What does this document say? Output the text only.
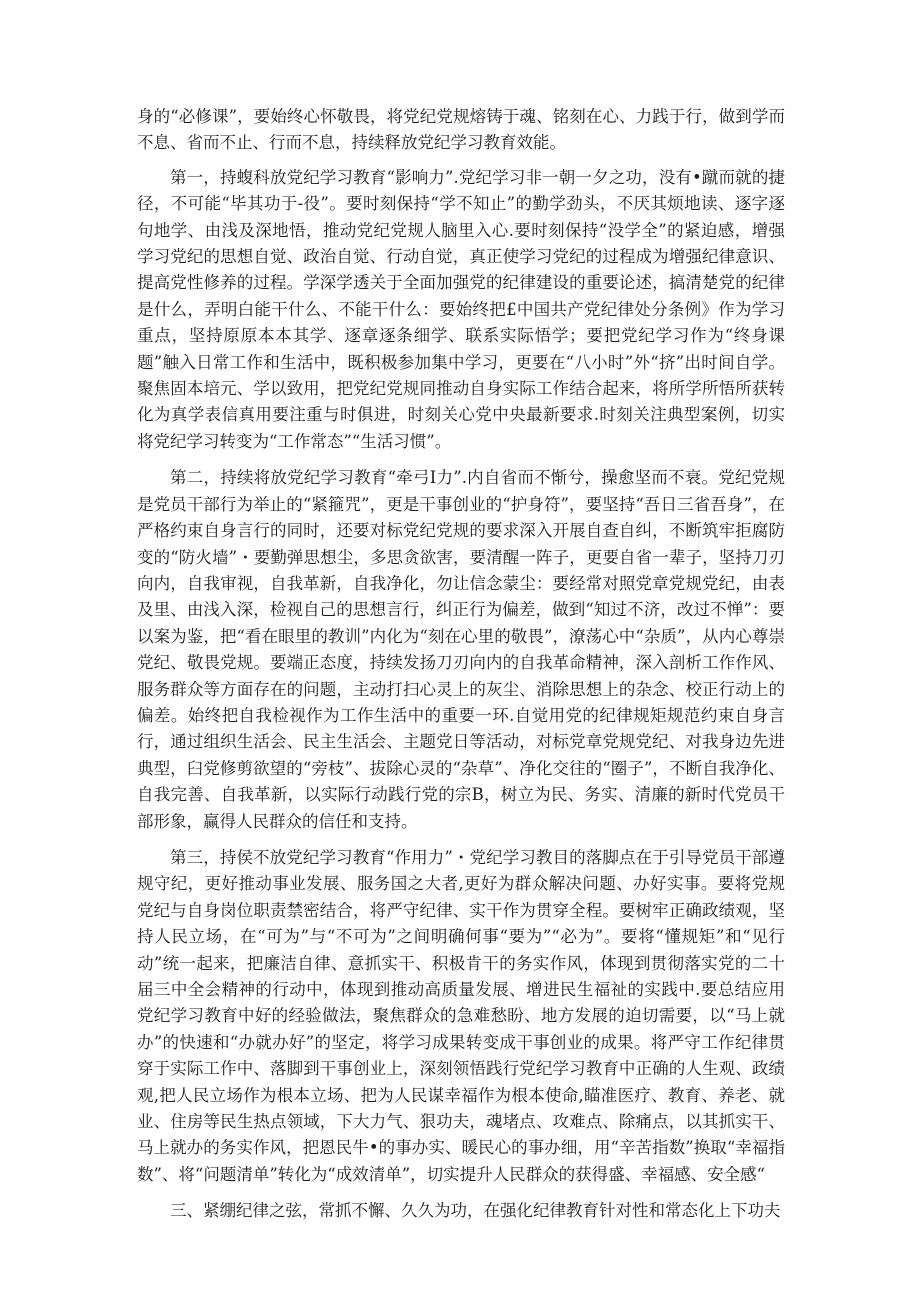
身的“必修课”，要始终心怀敬畏，将党纪党规熔铸于魂、铭刻在心、力践于行，做到学而不息、省而不止、行而不息，持续释放党纪学习教育效能。

第一，持蝮科放党纪学习教育“影响力”.党纪学习非一朝一夕之功，没有•蹴而就的捷径，不可能“毕其功于-役”。要时刻保持“学不知止”的勤学劲头，不厌其烦地读、逐字逐句地学、由浅及深地悟，推动党纪党规人脑里入心.要时刻保持“没学全”的紧迫感，增强学习党纪的思想自觉、政治自觉、行动自觉，真正使学习党纪的过程成为增强纪律意识、提高党性修养的过程。学深学透关于全面加强党的纪律建设的重要论述，搞清楚党的纪律是什么，弄明白能干什么、不能干什么：要始终把£中国共产党纪律处分条例》作为学习重点，坚持原原本本其学、逐章逐条细学、联系实际悟学；要把党纪学习作为“终身课题”触入日常工作和生活中，既积极参加集中学习，更要在“八小时”外“挤”出时间自学。聚焦固本培元、学以致用，把党纪党规同推动自身实际工作结合起来，将所学所悟所获转化为真学表信真用要注重与时俱进，时刻关心党中央最新要求.时刻关注典型案例，切实将党纪学习转变为“工作常态”“生活习惯”。

第二，持续将放党纪学习教育“牵弓I力”.内自省而不惭兮，操愈坚而不衰。党纪党规是党员干部行为举止的“紧箍咒”，更是干事创业的“护身符”，要坚持“吾日三省吾身”，在严格约束自身言行的同时，还要对标党纪党规的要求深入开展自查自纠，不断筑牢拒腐防变的“防火墙”・要勤弹思想尘，多思贪欲害，要清醒一阵子，更要自省一辈子，坚持刀刃向内，自我审视，自我革新，自我净化，勿让信念蒙尘：要经常对照党章党规党纪，由表及里、由浅入深，检视自己的思想言行，纠正行为偏差，做到“知过不济，改过不惮”：要以案为鉴，把“看在眼里的教训”内化为“刻在心里的敬畏”，潦荡心中“杂质”，从内心尊崇党纪、敬畏党规。要端正态度，持续发扬刀刃向内的自我革命精神，深入剖析工作作风、服务群众等方面存在的问题，主动打扫心灵上的灰尘、消除思想上的杂念、校正行动上的偏差。始终把自我检视作为工作生活中的重要一环.自觉用党的纪律规矩规范约束自身言行，通过组织生活会、民主生活会、主题党日等活动，对标党章党规党纪、对我身边先进典型，臼党修剪欲望的“旁枝”、拔除心灵的“杂草”、净化交往的“圈子”，不断自我净化、自我完善、自我革新，以实际行动践行党的宗B，树立为民、务实、清廉的新时代党员干部形象，赢得人民群众的信任和支持。

第三，持侯不放党纪学习教育“作用力”・党纪学习教目的落脚点在于引导党员干部遵规守纪，更好推动事业发展、服务国之大者,更好为群众解决问题、办好实事。要将党规党纪与自身岗位职责禁密结合，将严守纪律、实干作为贯穿全程。要树牢正确政绩观，坚持人民立场，在“可为”与“不可为”之间明确何事“要为”“必为”。要将“懂规矩”和“见行动”统一起来，把廉洁自律、意抓实干、积极肯干的务实作风，体现到贯彻落实党的二十届三中全会精神的行动中，体现到推动高质量发展、增进民生福祉的实践中.要总结应用党纪学习教育中好的经验做法，聚焦群众的急难愁盼、地方发展的迫切需要，以“马上就办”的快速和“办就办好”的坚定，将学习成果转变成干事创业的成果。将严守工作纪律贯穿于实际工作中、落脚到干事创业上，深刻领悟践行党纪学习教育中正确的人生观、政绩观,把人民立场作为根本立场、把为人民谋幸福作为根本使命,瞄准医疗、教育、养老、就业、住房等民生热点领域，下大力气、狠功夫，魂堵点、攻难点、除痛点，以其抓实干、马上就办的务实作风，把恩民牛•的事办实、暖民心的事办细，用“辛苦指数”换取“幸福指数”、将“问题清单”转化为“成效清单”，切实提升人民群众的获得盛、幸福感、安全感“

三、紧绷纪律之弦，常抓不懈、久久为功，在强化纪律教育针对性和常态化上下功夫
